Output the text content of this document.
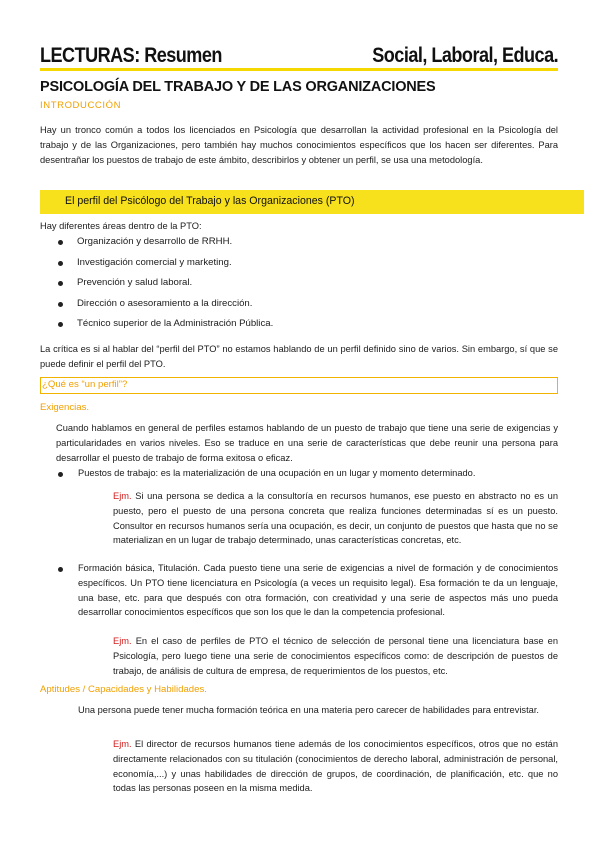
LECTURAS: Resumen	Social, Laboral, Educa.
PSICOLOGÍA DEL TRABAJO Y DE LAS ORGANIZACIONES
INTRODUCCIÓN

Hay un tronco común a todos los licenciados en Psicología que desarrollan la actividad profesional en la Psicología del trabajo y de las Organizaciones, pero también hay muchos conocimientos específicos que los hacen ser diferentes. Para desentrañar los puestos de trabajo de este ámbito, describirlos y obtener un perfil, se usa una metodología.

El perfil del Psicólogo del Trabajo y las Organizaciones (PTO)

Hay diferentes áreas dentro de la PTO:

Organización y desarrollo de RRHH.
Investigación comercial y marketing.
Prevención y salud laboral.
Dirección o asesoramiento a la dirección.
Técnico superior de la Administración Pública.

La crítica es si al hablar del “perfil del PTO” no estamos hablando de un perfil definido sino de varios. Sin embargo, sí que se puede definir el perfil del PTO.

¿Qué es “un perfil”?
Exigencias.

Cuando hablamos en general de perfiles estamos hablando de un puesto de trabajo que tiene una serie de exigencias y particularidades en varios niveles. Eso se traduce en una serie de características que debe reunir una persona para desarrollar el puesto de trabajo de forma exitosa o eficaz.

Puestos de trabajo: es la materialización de una ocupación en un lugar y momento determinado.

Ejm. Si una persona se dedica a la consultoría en recursos humanos, ese puesto en abstracto no es un puesto, pero el puesto de una persona concreta que realiza funciones determinadas sí es un puesto. Consultor en recursos humanos sería una ocupación, es decir, un conjunto de puestos que hasta que no se materializan en un lugar de trabajo determinado, unas características concretas, etc.

Formación básica, Titulación. Cada puesto tiene una serie de exigencias a nivel de formación y de conocimientos específicos. Un PTO tiene licenciatura en Psicología (a veces un requisito legal). Esa formación te da un lenguaje, una base, etc. para que después con otra formación, con creatividad y una serie de aspectos más uno pueda desarrollar conocimientos específicos que son los que le dan la competencia profesional.

Ejm. En el caso de perfiles de PTO el técnico de selección de personal tiene una licenciatura base en Psicología, pero luego tiene una serie de conocimientos específicos como: de descripción de puestos de trabajo, de análisis de cultura de empresa, de requerimientos de los puestos, etc.

Aptitudes / Capacidades y Habilidades.

Una persona puede tener mucha formación teórica en una materia pero carecer de habilidades para entrevistar.

Ejm. El director de recursos humanos tiene además de los conocimientos específicos, otros que no están directamente relacionados con su titulación (conocimientos de derecho laboral, administración de personal, economía,...) y unas habilidades de dirección de grupos, de coordinación, de planificación, etc. que no todas las personas poseen en la misma medida.
